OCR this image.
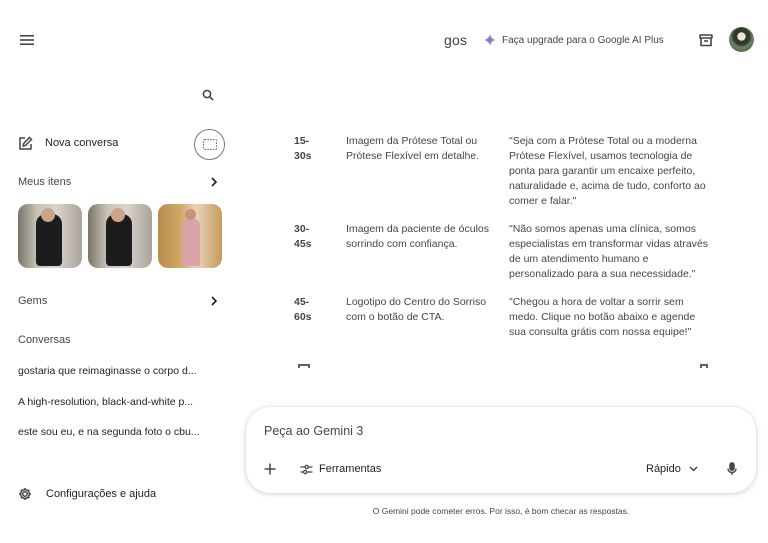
gos	Faça upgrade para o Google AI Plus
Nova conversa
Meus itens
Gems
Conversas
gostaria que reimaginasse o corpo d...
A high-resolution, black-and-white p...
este sou eu, e na segunda foto o cbu...
Configurações e ajuda
15-
30s
Imagem da Prótese Total ou Prótese Flexível em detalhe.
"Seja com a Prótese Total ou a moderna Prótese Flexível, usamos tecnologia de ponta para garantir um encaixe perfeito, naturalidade e, acima de tudo, conforto ao comer e falar."
30-
45s
Imagem da paciente de óculos sorrindo com confiança.
"Não somos apenas uma clínica, somos especialistas em transformar vidas através de um atendimento humano e personalizado para a sua necessidade."
45-
60s
Logotipo do Centro do Sorriso com o botão de CTA.
"Chegou a hora de voltar a sorrir sem medo. Clique no botão abaixo e agende sua consulta grátis com nossa equipe!"
Peça ao Gemini 3
Ferramentas	Rápido
O Gemini pode cometer erros. Por isso, é bom checar as respostas.
